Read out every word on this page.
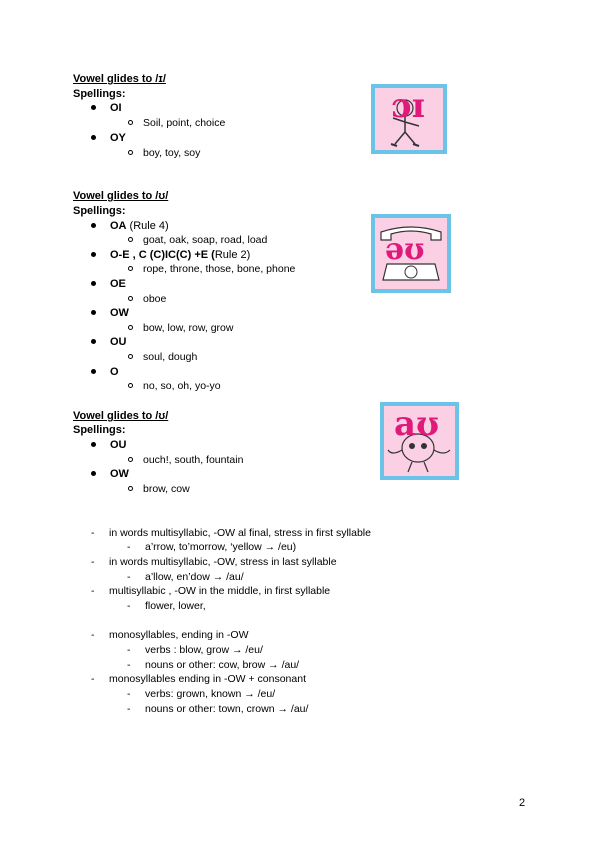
Vowel glides to /ɪ/
Spellings:
OI
Soil, point, choice
OY
boy, toy, soy
ɔɪ
Vowel glides to /ʊ/
Spellings:
OA (Rule 4)
goat, oak, soap, road, load
O-E , C (C)IC(C) +E (Rule 2)
rope, throne, those, bone, phone
OE
oboe
OW
bow, low, row, grow
OU
soul, dough
O
no, so, oh, yo-yo
əʊ
Vowel glides to /ʊ/
Spellings:
OU
ouch!, south, fountain
OW
brow, cow
aʊ
- in words multisyllabic, -OW al final, stress in first syllable
- a’rrow, to’morrow, ‘yellow → /eu)
- in words multisyllabic, -OW, stress in last syllable
- a’llow, en’dow → /au/
- multisyllabic , -OW in the middle, in first syllable
- flower, lower,
- monosyllables, ending in -OW
- verbs : blow, grow → /eu/
- nouns or other: cow, brow → /au/
- monosyllables ending in -OW + consonant
- verbs: grown, known → /eu/
- nouns or other: town, crown → /au/
2
